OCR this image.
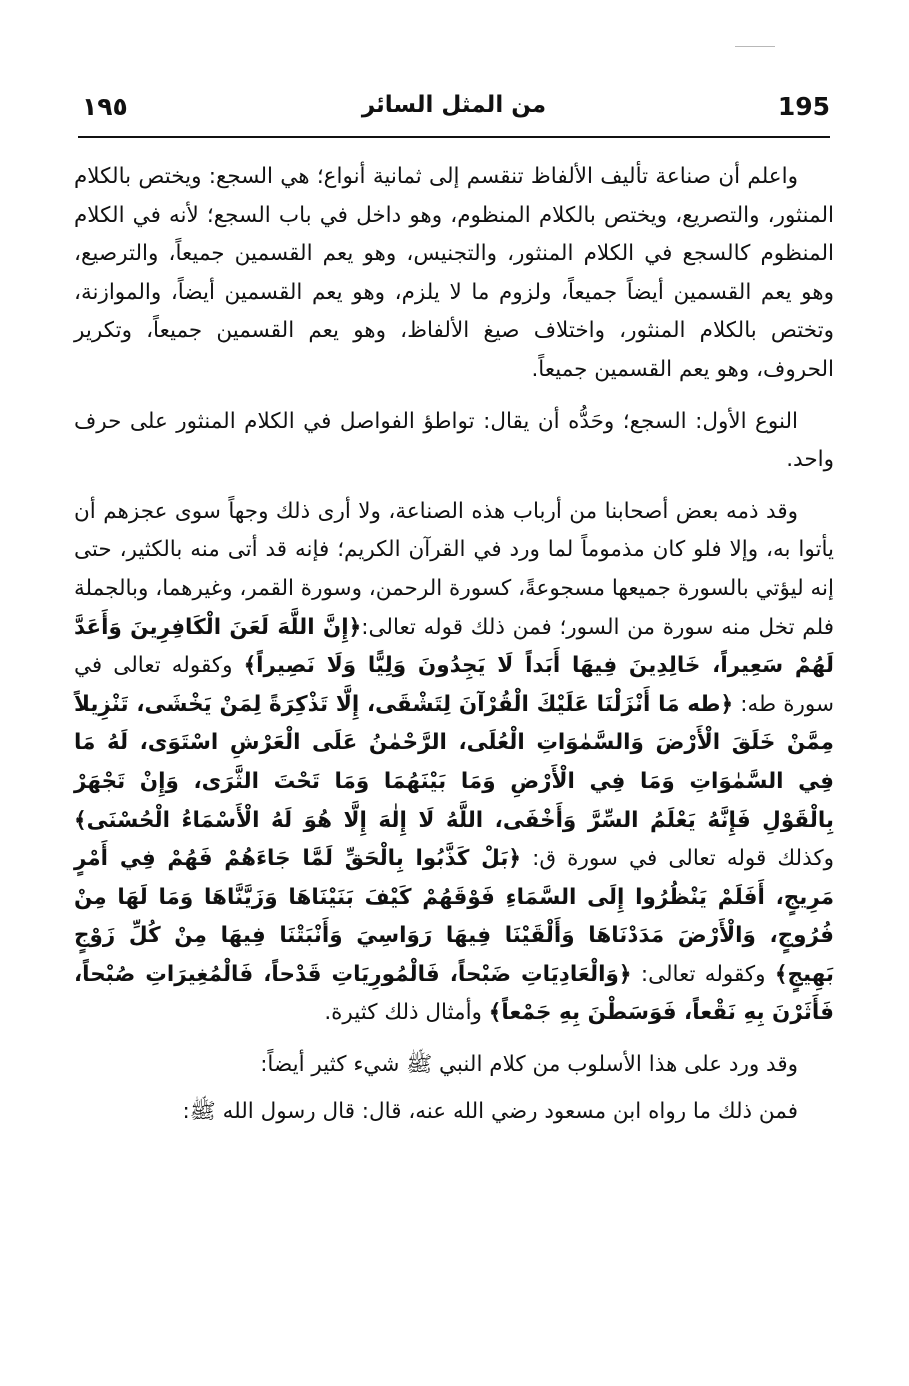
195
من المثل السائر
١٩٥

واعلم أن صناعة تأليف الألفاظ تنقسم إلى ثمانية أنواع؛ هي السجع: ويختص بالكلام المنثور، والتصريع، ويختص بالكلام المنظوم، وهو داخل في باب السجع؛ لأنه في الكلام المنظوم كالسجع في الكلام المنثور، والتجنيس، وهو يعم القسمين جميعاً، والترصيع، وهو يعم القسمين أيضاً جميعاً، ولزوم ما لا يلزم، وهو يعم القسمين أيضاً، والموازنة، وتختص بالكلام المنثور، واختلاف صيغ الألفاظ، وهو يعم القسمين جميعاً، وتكرير الحروف، وهو يعم القسمين جميعاً.

النوع الأول: السجع؛ وحَدُّه أن يقال: تواطؤ الفواصل في الكلام المنثور على حرف واحد.

وقد ذمه بعض أصحابنا من أرباب هذه الصناعة، ولا أرى ذلك وجهاً سوى عجزهم أن يأتوا به، وإلا فلو كان مذموماً لما ورد في القرآن الكريم؛ فإنه قد أتى منه بالكثير، حتى إنه ليؤتي بالسورة جميعها مسجوعةً، كسورة الرحمن، وسورة القمر، وغيرهما، وبالجملة فلم تخل منه سورة من السور؛ فمن ذلك قوله تعالى:﴿إِنَّ اللَّهَ لَعَنَ الْكَافِرِينَ وَأَعَدَّ لَهُمْ سَعِيراً، خَالِدِينَ فِيهَا أَبَداً لَا يَجِدُونَ وَلِيًّا وَلَا نَصِيراً﴾ وكقوله تعالى في سورة طه: ﴿طه مَا أَنْزَلْنَا عَلَيْكَ الْقُرْآنَ لِتَشْقَى، إِلَّا تَذْكِرَةً لِمَنْ يَخْشَى، تَنْزِيلاً مِمَّنْ خَلَقَ الْأَرْضَ وَالسَّمٰوَاتِ الْعُلَى، الرَّحْمٰنُ عَلَى الْعَرْشِ اسْتَوَى، لَهُ مَا فِي السَّمٰوَاتِ وَمَا فِي الْأَرْضِ وَمَا بَيْنَهُمَا وَمَا تَحْتَ الثَّرَى، وَإِنْ تَجْهَرْ بِالْقَوْلِ فَإِنَّهُ يَعْلَمُ السِّرَّ وَأَخْفَى، اللَّهُ لَا إِلٰهَ إِلَّا هُوَ لَهُ الْأَسْمَاءُ الْحُسْنَى﴾ وكذلك قوله تعالى في سورة ق: ﴿بَلْ كَذَّبُوا بِالْحَقِّ لَمَّا جَاءَهُمْ فَهُمْ فِي أَمْرٍ مَرِيجٍ، أَفَلَمْ يَنْظُرُوا إِلَى السَّمَاءِ فَوْقَهُمْ كَيْفَ بَنَيْنَاهَا وَزَيَّنَّاهَا وَمَا لَهَا مِنْ فُرُوجٍ، وَالْأَرْضَ مَدَدْنَاهَا وَأَلْقَيْنَا فِيهَا رَوَاسِيَ وَأَنْبَتْنَا فِيهَا مِنْ كُلِّ زَوْجٍ بَهِيجٍ﴾ وكقوله تعالى: ﴿وَالْعَادِيَاتِ ضَبْحاً، فَالْمُورِيَاتِ قَدْحاً، فَالْمُغِيرَاتِ صُبْحاً، فَأَثَرْنَ بِهِ نَقْعاً، فَوَسَطْنَ بِهِ جَمْعاً﴾ وأمثال ذلك كثيرة.

وقد ورد على هذا الأسلوب من كلام النبي ﷺ شيء كثير أيضاً:

فمن ذلك ما رواه ابن مسعود رضي الله عنه، قال: قال رسول الله ﷺ:
